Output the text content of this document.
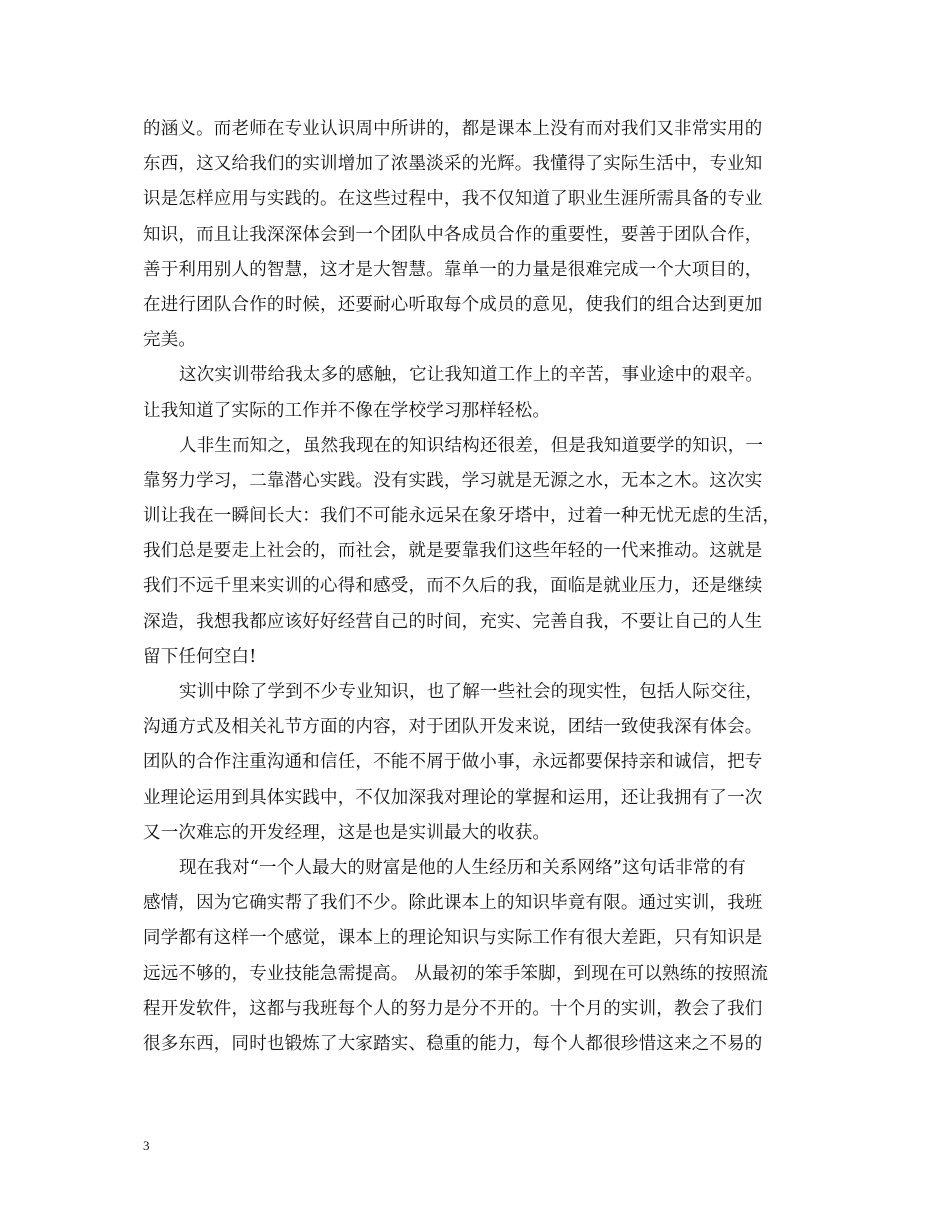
的涵义。而老师在专业认识周中所讲的，都是课本上没有而对我们又非常实用的
东西，这又给我们的实训增加了浓墨淡采的光辉。我懂得了实际生活中，专业知
识是怎样应用与实践的。在这些过程中，我不仅知道了职业生涯所需具备的专业
知识，而且让我深深体会到一个团队中各成员合作的重要性，要善于团队合作，
善于利用别人的智慧，这才是大智慧。靠单一的力量是很难完成一个大项目的，
在进行团队合作的时候，还要耐心听取每个成员的意见，使我们的组合达到更加
完美。
这次实训带给我太多的感触，它让我知道工作上的辛苦，事业途中的艰辛。
让我知道了实际的工作并不像在学校学习那样轻松。
人非生而知之，虽然我现在的知识结构还很差，但是我知道要学的知识，一
靠努力学习，二靠潜心实践。没有实践，学习就是无源之水，无本之木。这次实
训让我在一瞬间长大：我们不可能永远呆在象牙塔中，过着一种无忧无虑的生活，
我们总是要走上社会的，而社会，就是要靠我们这些年轻的一代来推动。这就是
我们不远千里来实训的心得和感受，而不久后的我，面临是就业压力，还是继续
深造，我想我都应该好好经营自己的时间，充实、完善自我，不要让自己的人生
留下任何空白!
实训中除了学到不少专业知识，也了解一些社会的现实性，包括人际交往，
沟通方式及相关礼节方面的内容，对于团队开发来说，团结一致使我深有体会。
团队的合作注重沟通和信任，不能不屑于做小事，永远都要保持亲和诚信，把专
业理论运用到具体实践中，不仅加深我对理论的掌握和运用，还让我拥有了一次
又一次难忘的开发经理，这是也是实训最大的收获。
现在我对“一个人最大的财富是他的人生经历和关系网络”这句话非常的有
感情，因为它确实帮了我们不少。除此课本上的知识毕竟有限。通过实训，我班
同学都有这样一个感觉，课本上的理论知识与实际工作有很大差距，只有知识是
远远不够的，专业技能急需提高。 从最初的笨手笨脚，到现在可以熟练的按照流
程开发软件，这都与我班每个人的努力是分不开的。十个月的实训，教会了我们
很多东西，同时也锻炼了大家踏实、稳重的能力，每个人都很珍惜这来之不易的
3
